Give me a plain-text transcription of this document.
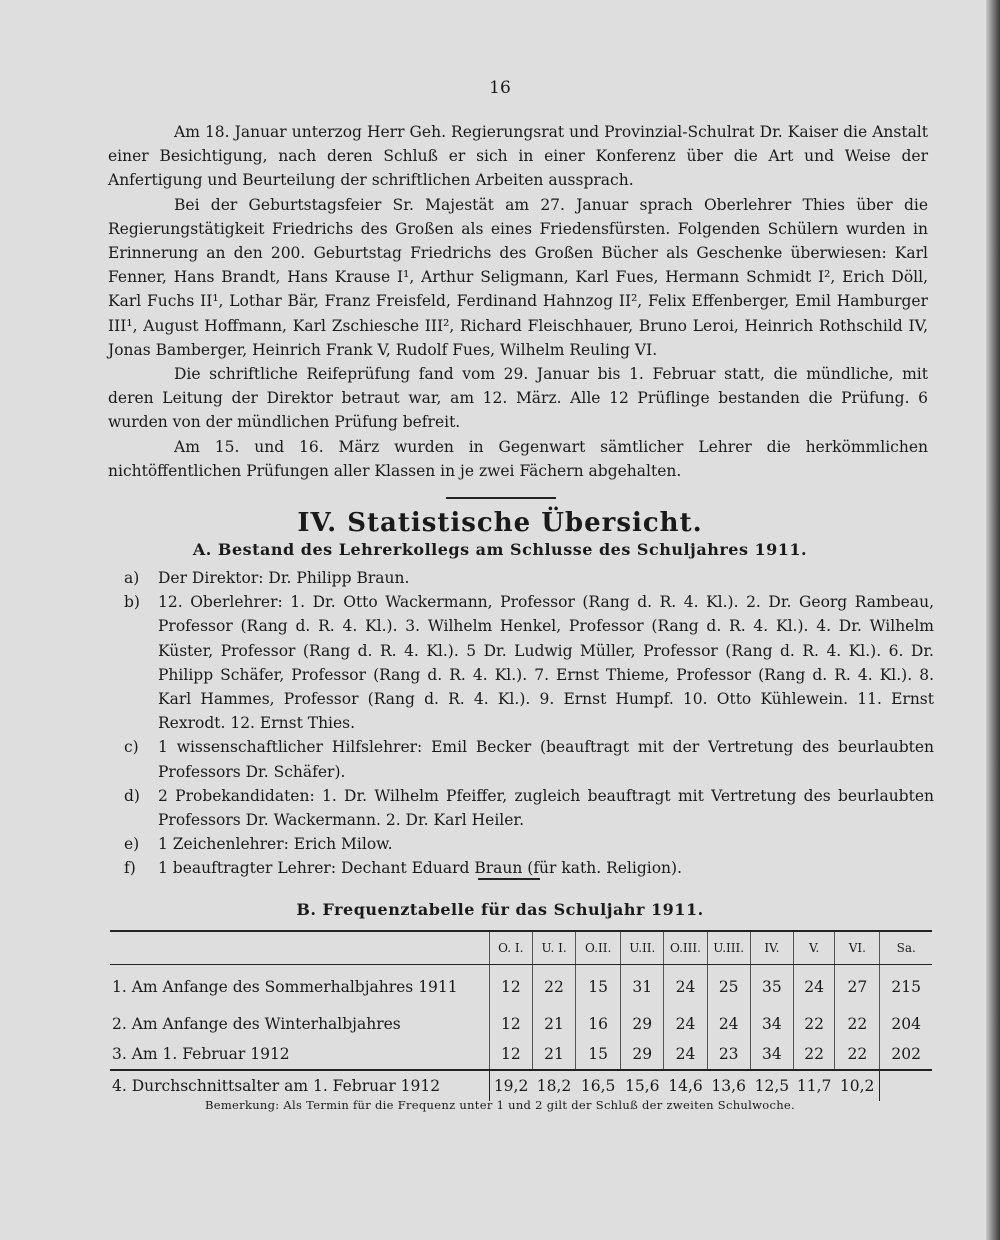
16

Am 18. Januar unterzog Herr Geh. Regierungsrat und Provinzial-Schulrat Dr. Kaiser die Anstalt einer Besichtigung, nach deren Schluß er sich in einer Konferenz über die Art und Weise der Anfertigung und Beurteilung der schriftlichen Arbeiten aussprach.

Bei der Geburtstagsfeier Sr. Majestät am 27. Januar sprach Oberlehrer Thies über die Regierungstätigkeit Friedrichs des Großen als eines Friedensfürsten. Folgenden Schülern wurden in Erinnerung an den 200. Geburtstag Friedrichs des Großen Bücher als Geschenke überwiesen: Karl Fenner, Hans Brandt, Hans Krause I¹, Arthur Seligmann, Karl Fues, Hermann Schmidt I², Erich Döll, Karl Fuchs II¹, Lothar Bär, Franz Freisfeld, Ferdinand Hahnzog II², Felix Effenberger, Emil Hamburger III¹, August Hoffmann, Karl Zschiesche III², Richard Fleischhauer, Bruno Leroi, Heinrich Rothschild IV, Jonas Bamberger, Heinrich Frank V, Rudolf Fues, Wilhelm Reuling VI.

Die schriftliche Reifeprüfung fand vom 29. Januar bis 1. Februar statt, die mündliche, mit deren Leitung der Direktor betraut war, am 12. März. Alle 12 Prüflinge bestanden die Prüfung. 6 wurden von der mündlichen Prüfung befreit.

Am 15. und 16. März wurden in Gegenwart sämtlicher Lehrer die herkömmlichen nichtöffentlichen Prüfungen aller Klassen in je zwei Fächern abgehalten.

IV. Statistische Übersicht.
A. Bestand des Lehrerkollegs am Schlusse des Schuljahres 1911.
a) Der Direktor: Dr. Philipp Braun.
b) 12. Oberlehrer: 1. Dr. Otto Wackermann, Professor (Rang d. R. 4. Kl.). 2. Dr. Georg Rambeau, Professor (Rang d. R. 4. Kl.). 3. Wilhelm Henkel, Professor (Rang d. R. 4. Kl.). 4. Dr. Wilhelm Küster, Professor (Rang d. R. 4. Kl.). 5 Dr. Ludwig Müller, Professor (Rang d. R. 4. Kl.). 6. Dr. Philipp Schäfer, Professor (Rang d. R. 4. Kl.). 7. Ernst Thieme, Professor (Rang d. R. 4. Kl.). 8. Karl Hammes, Professor (Rang d. R. 4. Kl.). 9. Ernst Humpf. 10. Otto Kühlewein. 11. Ernst Rexrodt. 12. Ernst Thies.
c) 1 wissenschaftlicher Hilfslehrer: Emil Becker (beauftragt mit der Vertretung des beurlaubten Professors Dr. Schäfer).
d) 2 Probekandidaten: 1. Dr. Wilhelm Pfeiffer, zugleich beauftragt mit Vertretung des beurlaubten Professors Dr. Wackermann. 2. Dr. Karl Heiler.
e) 1 Zeichenlehrer: Erich Milow.
f) 1 beauftragter Lehrer: Dechant Eduard Braun (für kath. Religion).
B. Frequenztabelle für das Schuljahr 1911.
	O. I.	U. I.	O.II.	U.II.	O.III.	U.III.	IV.	V.	VI.	Sa.
1. Am Anfange des Sommerhalbjahres 1911	12	22	15	31	24	25	35	24	27	215
2. Am Anfange des Winterhalbjahres	12	21	16	29	24	24	34	22	22	204
3. Am 1. Februar 1912	12	21	15	29	24	23	34	22	22	202
4. Durchschnittsalter am 1. Februar 1912	19,2	18,2	16,5	15,6	14,6	13,6	12,5	11,7	10,2	
Bemerkung: Als Termin für die Frequenz unter 1 und 2 gilt der Schluß der zweiten Schulwoche.
